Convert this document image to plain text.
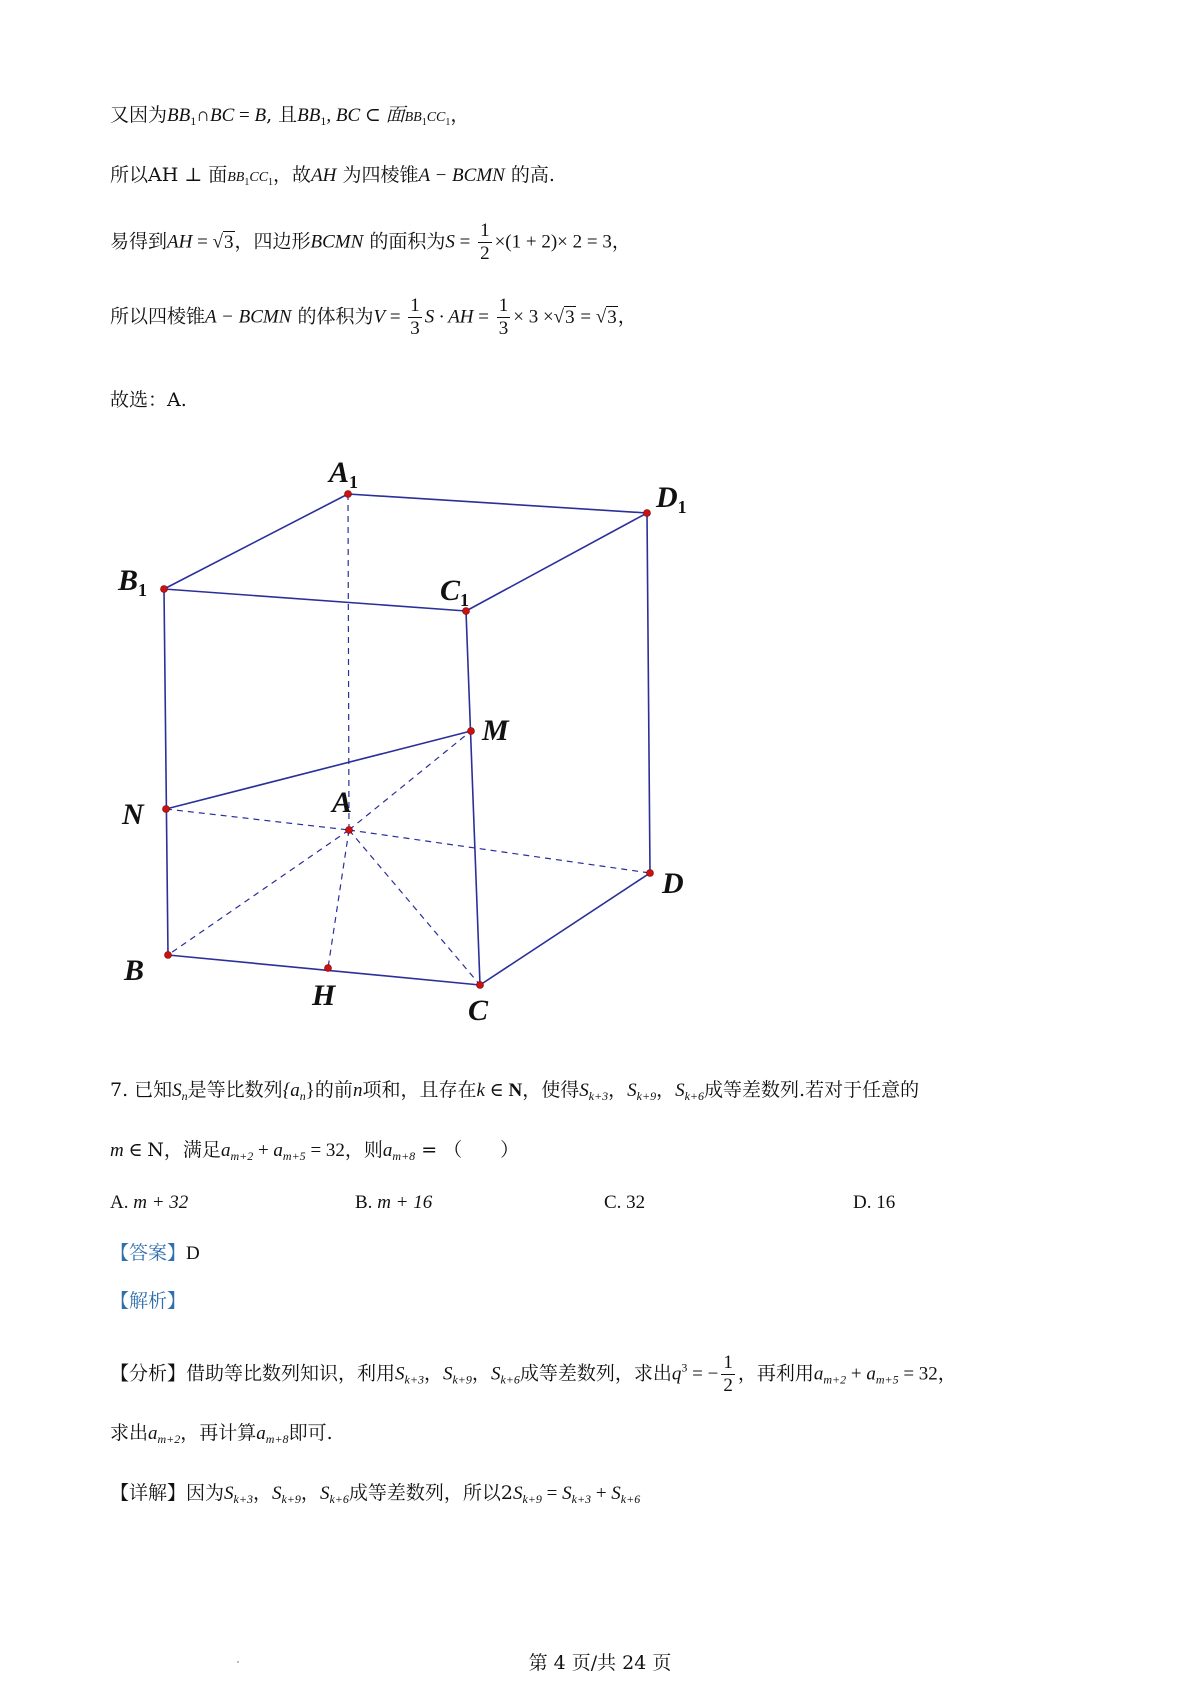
又因为$BB_1\cap BC = B$, 且$BB_1$, BC ⊂ 面$BB_1CC_1$，
所以AH ⊥ 面$BB_1CC_1$，故AH 为四棱锥A − BCMN 的高.
易得到AH = √3，四边形BCMN 的面积为$S = \frac{1}{2} \times(1 + 2)\times 2 = 3$，
所以四棱锥A − BCMN 的体积为$V = \frac{1}{3}$ S · AH = $\frac{1}{3} \times 3 \times√3 = √3$，
故选：A.
$A_1$	$D_1$
$B_1$	$C_1$
M
A
N
D
B
H	C
7. 已知$S_n$是等比数列$\{a_n\}$的前n项和，且存在k ∈ N，使得$S_{k+3}$，$S_{k+9}$，$S_{k+6}$成等差数列.若对于任意的
m ∈ N，满足$a_{m+2} + a_{m+5} = 32$，则$a_{m+8}$ = （　　）
A. m + 32	B. m + 16	C. 32	D. 16
【答案】D
【解析】
【分析】借助等比数列知识，利用$S_{k+3}$，$S_{k+9}$，$S_{k+6}$成等差数列，求出$q^3$ = − $\frac{1}{2}$ ，再利用$a_{m+2} + a_{m+5} = 32$，
求出$a_{m+2}$，再计算$a_{m+8}$即可.
【详解】因为$S_{k+3}$，$S_{k+9}$，$S_{k+6}$成等差数列，所以$2S_{k+9} = S_{k+3} + S_{k+6}$
第 4 页/共 24 页
